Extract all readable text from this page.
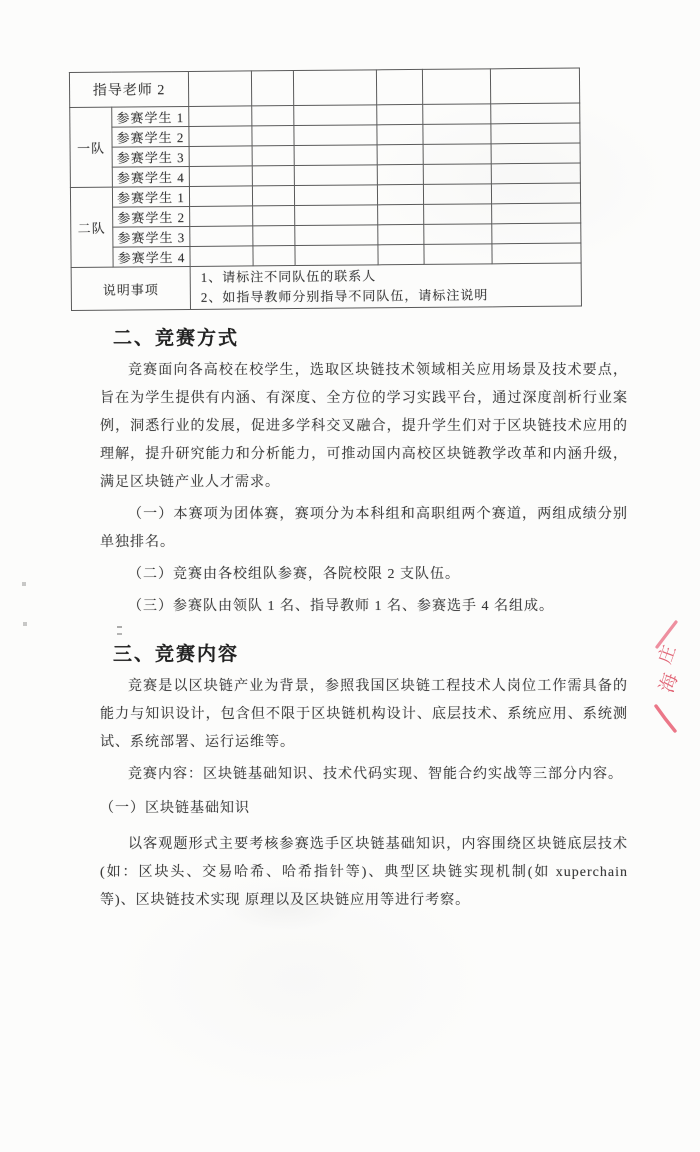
指导老师 2							
一队	参赛学生 1						
	参赛学生 2						
	参赛学生 3						
	参赛学生 4						
二队	参赛学生 1						
	参赛学生 2						
	参赛学生 3						
	参赛学生 4						
说明事项		1、请标注不同队伍的联系人
2、如指导教师分别指导不同队伍，请标注说明					
二、竞赛方式

竞赛面向各高校在校学生，选取区块链技术领域相关应用场景及技术要点，旨在为学生提供有内涵、有深度、全方位的学习实践平台，通过深度剖析行业案例，洞悉行业的发展，促进多学科交叉融合，提升学生们对于区块链技术应用的理解，提升研究能力和分析能力，可推动国内高校区块链教学改革和内涵升级，满足区块链产业人才需求。

（一）本赛项为团体赛，赛项分为本科组和高职组两个赛道，两组成绩分别单独排名。

（二）竞赛由各校组队参赛，各院校限 2 支队伍。

（三）参赛队由领队 1 名、指导教师 1 名、参赛选手 4 名组成。

三、竞赛内容

竞赛是以区块链产业为背景，参照我国区块链工程技术人岗位工作需具备的能力与知识设计，包含但不限于区块链机构设计、底层技术、系统应用、系统测试、系统部署、运行运维等。

竞赛内容：区块链基础知识、技术代码实现、智能合约实战等三部分内容。

（一）区块链基础知识

以客观题形式主要考核参赛选手区块链基础知识，内容围绕区块链底层技术(如：区块头、交易哈希、哈希指针等)、典型区块链实现机制(如 xuperchain 等)、区块链技术实现 原理以及区块链应用等进行考察。

庄
海
